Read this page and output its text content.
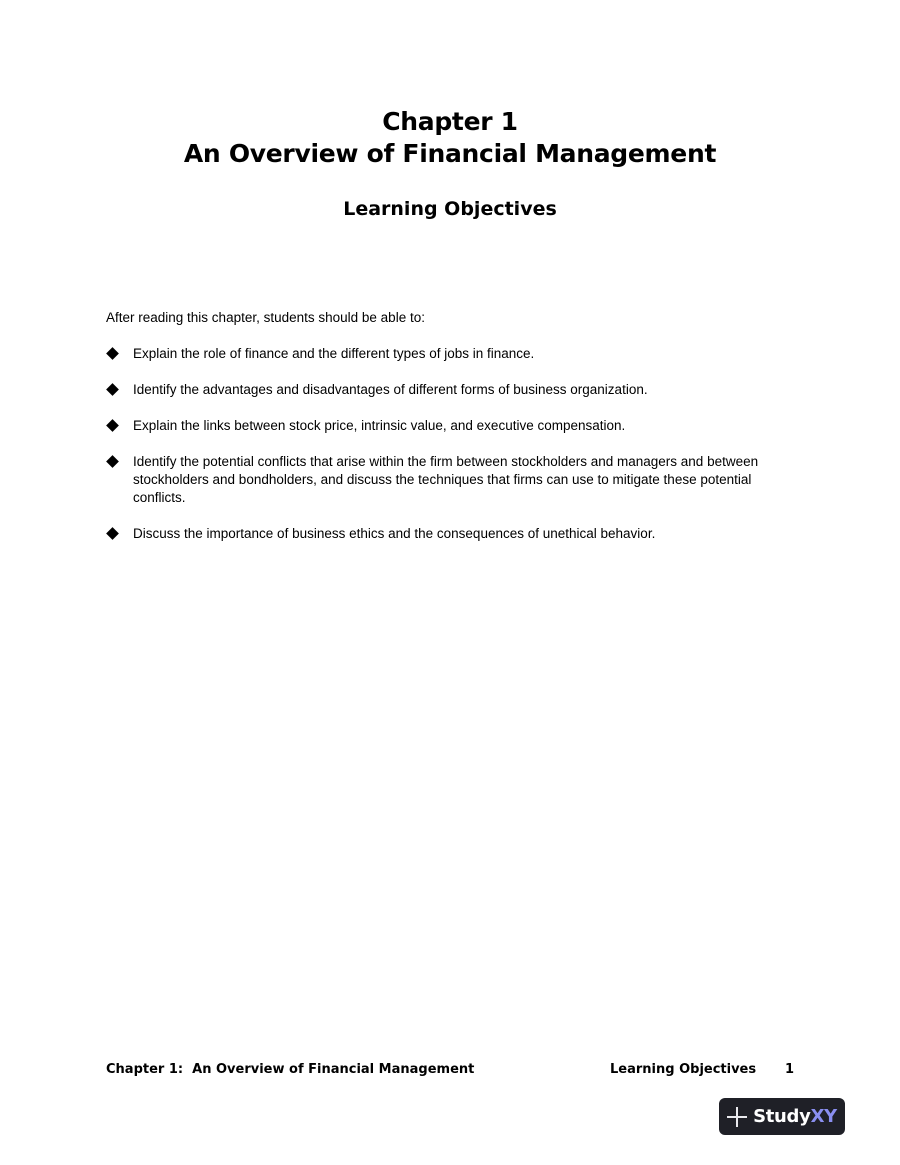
Chapter 1
An Overview of Financial Management
Learning Objectives
After reading this chapter, students should be able to:
Explain the role of finance and the different types of jobs in finance.
Identify the advantages and disadvantages of different forms of business organization.
Explain the links between stock price, intrinsic value, and executive compensation.
Identify the potential conflicts that arise within the firm between stockholders and managers and between stockholders and bondholders, and discuss the techniques that firms can use to mitigate these potential conflicts.
Discuss the importance of business ethics and the consequences of unethical behavior.
Chapter 1:  An Overview of Financial Management	Learning Objectives 1
StudyXY
